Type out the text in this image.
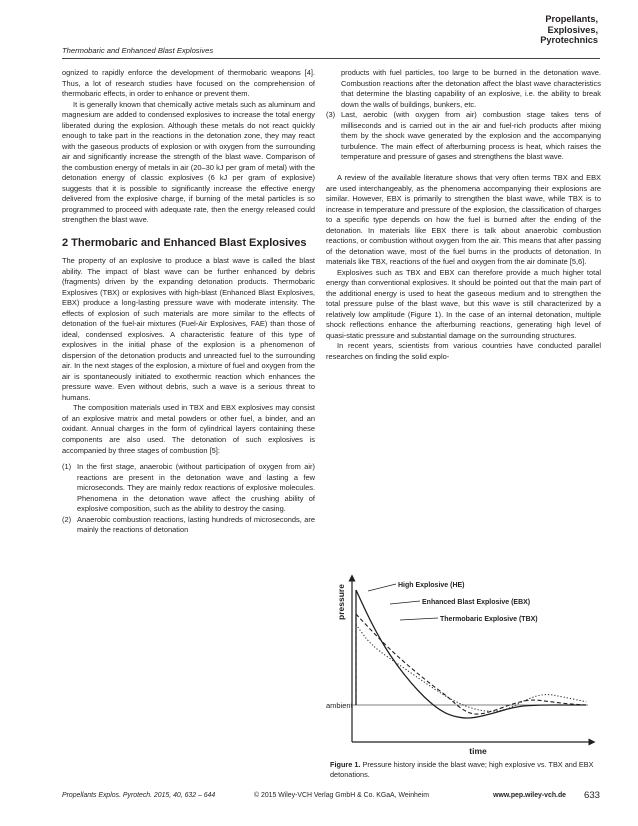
Propellants,
Explosives,
Pyrotechnics
Thermobaric and Enhanced Blast Explosives

ognized to rapidly enforce the development of thermobaric weapons [4]. Thus, a lot of research studies have focused on the comprehension of thermobaric effects, in order to enhance or prevent them.

It is generally known that chemically active metals such as aluminum and magnesium are added to condensed explosives to increase the total energy liberated during the explosion. Although these metals do not react quickly enough to take part in the reactions in the detonation zone, they may react with the gaseous products of explosion or with oxygen from the surrounding air and significantly increase the strength of the blast wave. Comparison of the combustion energy of metals in air (20–30 kJ per gram of metal) with the detonation energy of classic explosives (6 kJ per gram of explosive) suggests that it is possible to significantly increase the effective energy delivered from the explosive charge, if burning of the metal particles is so programmed to proceed with adequate rate, then the energy released could strengthen the blast wave.

2 Thermobaric and Enhanced Blast Explosives

The property of an explosive to produce a blast wave is called the blast ability. The impact of blast wave can be further enhanced by debris (fragments) driven by the expanding detonation products. Thermobaric Explosives (TBX) or explosives with high-blast (Enhanced Blast Explosives, EBX) produce a long-lasting pressure wave with moderate intensity. The effects of explosion of such materials are more similar to the effects of detonation of the fuel-air mixtures (Fuel-Air Explosives, FAE) than those of ideal, condensed explosives. A characteristic feature of this type of explosives in the initial phase of the explosion is a phenomenon of dispersion of the detonation products and unreacted fuel to the surrounding air. In the next stages of the explosion, a mixture of fuel and oxygen from the air is spontaneously initiated to exothermic reaction which enhances the pressure wave. Even without debris, such a wave is a serious threat to humans.

The composition materials used in TBX and EBX explosives may consist of an explosive matrix and metal powders or other fuel, a binder, and an oxidant. Annual charges in the form of cylindrical layers containing these components are also used. The detonation of such explosives is accompanied by three stages of combustion [5]:

(1) In the first stage, anaerobic (without participation of oxygen from air) reactions are present in the detonation wave and lasting a few microseconds. They are mainly redox reactions of explosive molecules. Phenomena in the detonation wave affect the crushing ability of explosive composition, such as the ability to destroy the casing.
(2) Anaerobic combustion reactions, lasting hundreds of microseconds, are mainly the reactions of detonation
products with fuel particles, too large to be burned in the detonation wave. Combustion reactions after the detonation affect the blast wave characteristics that determine the blasting capability of an explosive, i.e. the ability to break down the walls of buildings, bunkers, etc.
(3) Last, aerobic (with oxygen from air) combustion stage takes tens of milliseconds and is carried out in the air and fuel-rich products after mixing them by the shock wave generated by the explosion and the accompanying turbulence. The main effect of afterburning process is heat, which raises the temperature and pressure of gases and strengthens the blast wave.

A review of the available literature shows that very often terms TBX and EBX are used interchangeably, as the phenomena accompanying their explosions are similar. However, EBX is primarily to strengthen the blast wave, while TBX is to increase in temperature and pressure of the explosion, the classification of charges to a specific type depends on how the fuel is burned after the ending of the detonation. In materials like EBX there is talk about anaerobic combustion reactions, or combustion without oxygen from the air. This means that after passing of the detonation wave, most of the fuel burns in the products of detonation. In materials like TBX, reactions of the fuel and oxygen from the air dominate [5,6].

Explosives such as TBX and EBX can therefore provide a much higher total energy than conventional explosives. It should be pointed out that the main part of the additional energy is used to heat the gaseous medium and to strengthen the total pressure pulse of the blast wave, but this wave is still characterized by a relatively low amplitude (Figure 1). In the case of an internal detonation, multiple shock reflections enhance the afterburning reactions, generating high level of quasi-static pressure and substantial damage on the surrounding structures.

In recent years, scientists from various countries have conducted parallel researches on finding the solid explo-

pressure
time
ambient
High Explosive (HE)
Enhanced Blast Explosive (EBX)
Thermobaric Explosive (TBX)
Figure 1. Pressure history inside the blast wave; high explosive vs. TBX and EBX detonations.
Propellants Explos. Pyrotech. 2015, 40, 632 – 644	© 2015 Wiley-VCH Verlag GmbH & Co. KGaA, Weinheim	www.pep.wiley-vch.de 633
